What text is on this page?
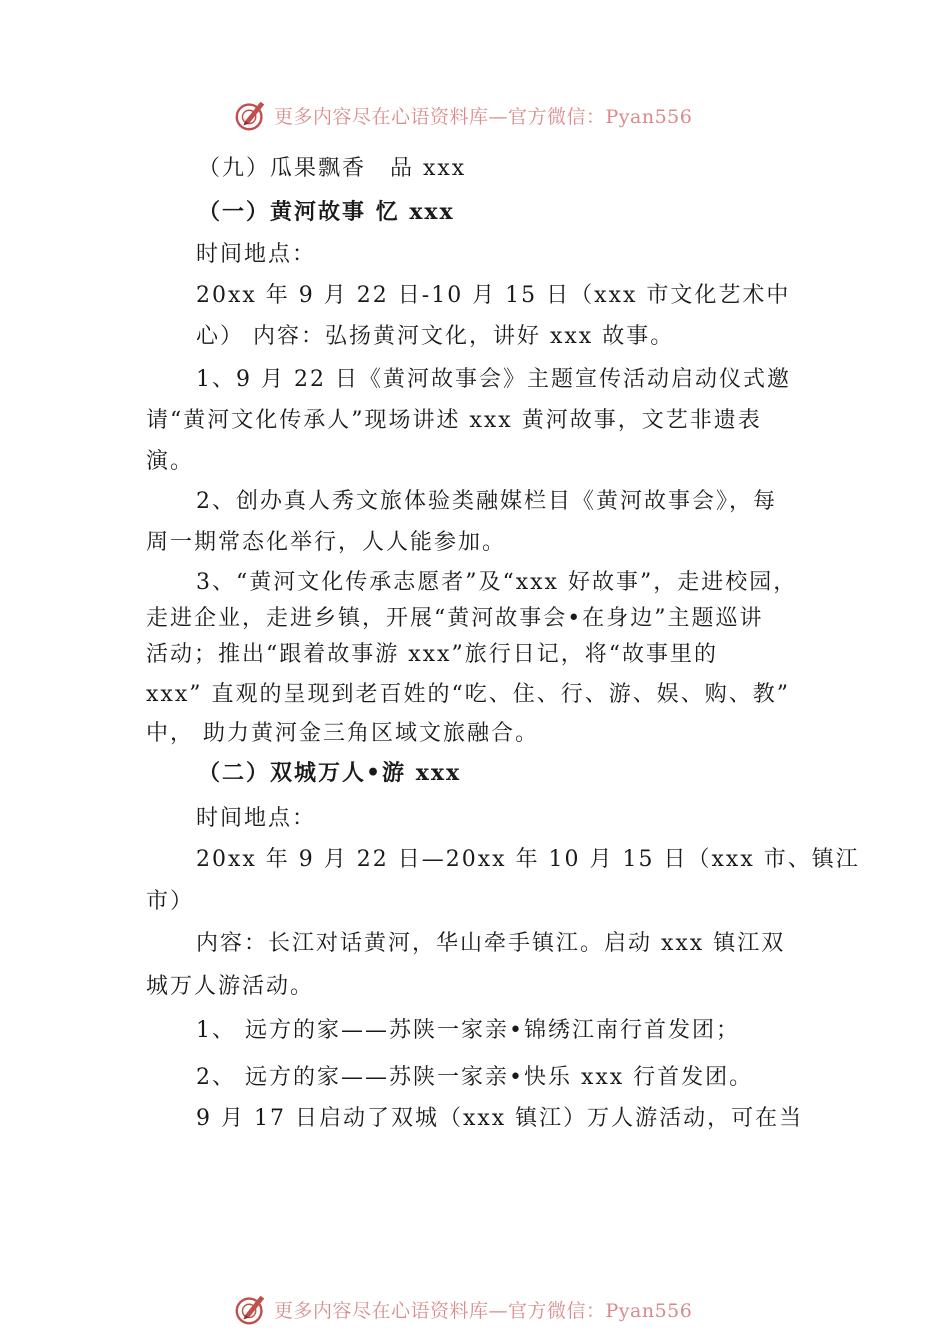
更多内容尽在心语资料库—官方微信：Pyan556
（九）瓜果飘香　品 xxx
（一）黄河故事 忆 xxx
时间地点：
20xx 年 9 月 22 日-10 月 15 日（xxx 市文化艺术中
心） 内容：弘扬黄河文化，讲好 xxx 故事。
1、9 月 22 日《黄河故事会》主题宣传活动启动仪式邀
请“黄河文化传承人”现场讲述 xxx 黄河故事，文艺非遗表
演。
2、创办真人秀文旅体验类融媒栏目《黄河故事会》，每
周一期常态化举行，人人能参加。
3、“黄河文化传承志愿者”及“xxx 好故事”，走进校园，
走进企业，走进乡镇，开展“黄河故事会•在身边”主题巡讲
活动；推出“跟着故事游 xxx”旅行日记，将“故事里的
xxx” 直观的呈现到老百姓的“吃、住、行、游、娱、购、教”
中， 助力黄河金三角区域文旅融合。
（二）双城万人•游 xxx
时间地点：
20xx 年 9 月 22 日—20xx 年 10 月 15 日（xxx 市、镇江
市）
内容：长江对话黄河，华山牵手镇江。启动 xxx 镇江双
城万人游活动。
1、 远方的家——苏陕一家亲•锦绣江南行首发团；
2、 远方的家——苏陕一家亲•快乐 xxx 行首发团。
9 月 17 日启动了双城（xxx 镇江）万人游活动，可在当
更多内容尽在心语资料库—官方微信：Pyan556
